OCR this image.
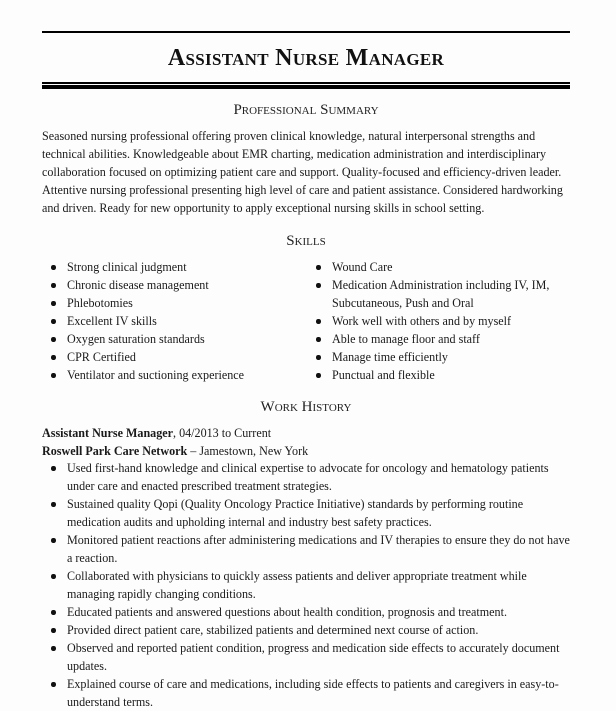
Assistant Nurse Manager
Professional Summary

Seasoned nursing professional offering proven clinical knowledge, natural interpersonal strengths and technical abilities. Knowledgeable about EMR charting, medication administration and interdisciplinary collaboration focused on optimizing patient care and support. Quality-focused and efficiency-driven leader. Attentive nursing professional presenting high level of care and patient assistance. Considered hardworking and driven. Ready for new opportunity to apply exceptional nursing skills in school setting.

Skills
Strong clinical judgment
Chronic disease management
Phlebotomies
Excellent IV skills
Oxygen saturation standards
CPR Certified
Ventilator and suctioning experience
Wound Care
Medication Administration including IV, IM, Subcutaneous, Push and Oral
Work well with others and by myself
Able to manage floor and staff
Manage time efficiently
Punctual and flexible
Work History
Assistant Nurse Manager, 04/2013 to Current
Roswell Park Care Network – Jamestown, New York
Used first-hand knowledge and clinical expertise to advocate for oncology and hematology patients under care and enacted prescribed treatment strategies.
Sustained quality Qopi (Quality Oncology Practice Initiative) standards by performing routine medication audits and upholding internal and industry best safety practices.
Monitored patient reactions after administering medications and IV therapies to ensure they do not have a reaction.
Collaborated with physicians to quickly assess patients and deliver appropriate treatment while managing rapidly changing conditions.
Educated patients and answered questions about health condition, prognosis and treatment.
Provided direct patient care, stabilized patients and determined next course of action.
Observed and reported patient condition, progress and medication side effects to accurately document updates.
Explained course of care and medications, including side effects to patients and caregivers in easy-to-understand terms.
